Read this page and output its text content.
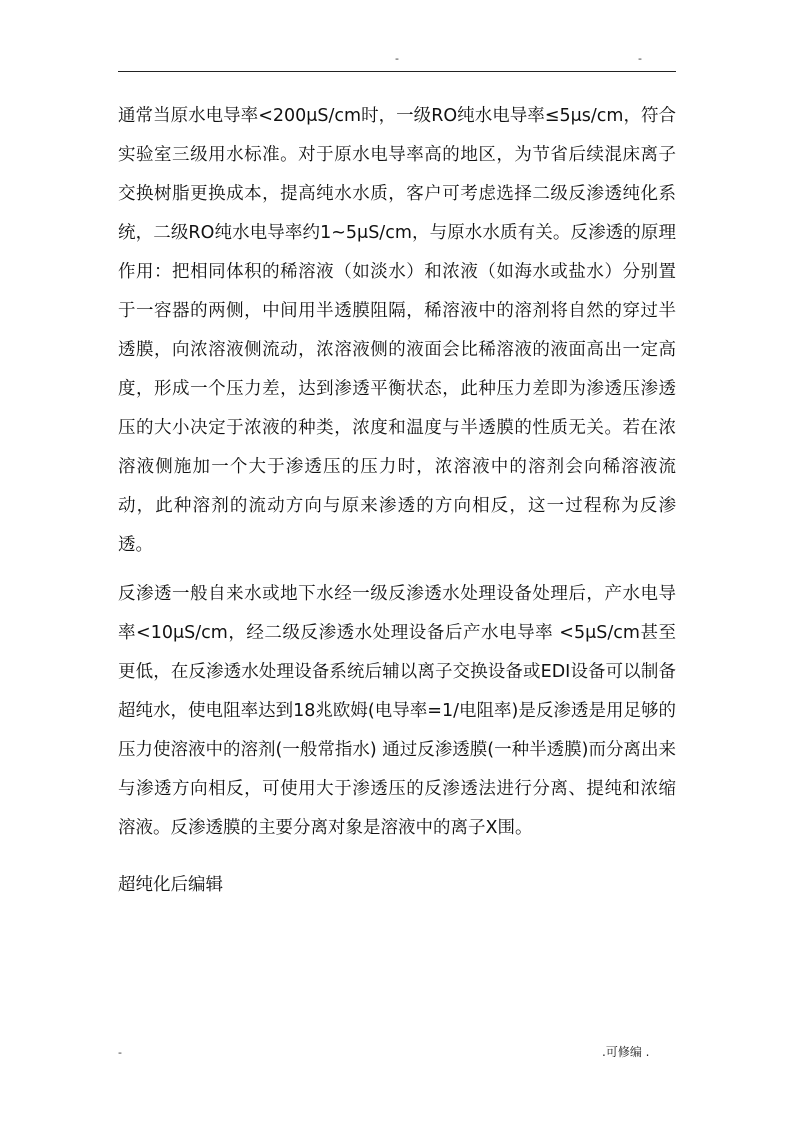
-	-

通常当原水电导率<200μS/cm时，一级RO纯水电导率≤5μs/cm，符合实验室三级用水标准。对于原水电导率高的地区，为节省后续混床离子交换树脂更换成本，提高纯水水质，客户可考虑选择二级反渗透纯化系统，二级RO纯水电导率约1~5μS/cm，与原水水质有关。反渗透的原理作用：把相同体积的稀溶液（如淡水）和浓液（如海水或盐水）分别置于一容器的两侧，中间用半透膜阻隔，稀溶液中的溶剂将自然的穿过半透膜，向浓溶液侧流动，浓溶液侧的液面会比稀溶液的液面高出一定高度，形成一个压力差，达到渗透平衡状态，此种压力差即为渗透压渗透压的大小决定于浓液的种类，浓度和温度与半透膜的性质无关。若在浓溶液侧施加一个大于渗透压的压力时，浓溶液中的溶剂会向稀溶液流动，此种溶剂的流动方向与原来渗透的方向相反，这一过程称为反渗透。

反渗透一般自来水或地下水经一级反渗透水处理设备处理后，产水电导率<10μS/cm，经二级反渗透水处理设备后产水电导率 <5μS/cm甚至更低，在反渗透水处理设备系统后辅以离子交换设备或EDI设备可以制备超纯水，使电阻率达到18兆欧姆(电导率=1/电阻率)是反渗透是用足够的压力使溶液中的溶剂(一般常指水) 通过反渗透膜(一种半透膜)而分离出来与渗透方向相反，可使用大于渗透压的反渗透法进行分离、提纯和浓缩溶液。反渗透膜的主要分离对象是溶液中的离子X围。

超纯化后编辑

-	.可修编 .
